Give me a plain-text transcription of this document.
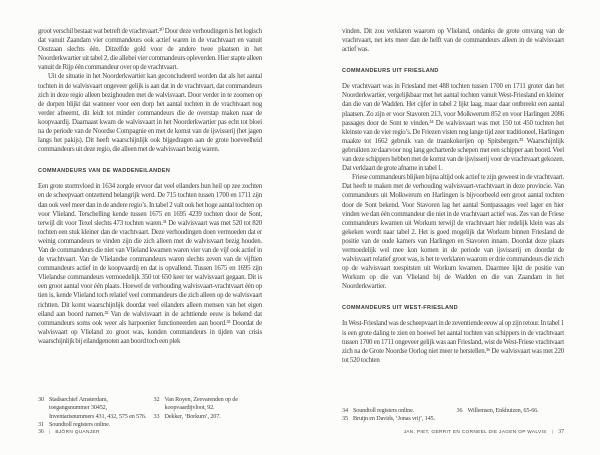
groot verschil bestaat wat betreft de vrachtvaart.³⁰ Door deze verhoudingen is het logisch dat vanuit Zaandam vier commandeurs ook actief waren in de vrachtvaart en vanuit Oostzaan slechts één. Ditzelfde gold voor de andere twee plaatsen in het Noorderkwartier uit tabel 2, die allebei vier commandeurs opleverden. Hier stapte alleen vanuit de Rijp één commandeur over op de vrachtvaart.

Uit de situatie in het Noorderkwartier kan geconcludeerd worden dat als het aantal tochten in de walvisvaart ongeveer gelijk is aan dat in de vrachtvaart, dat commandeurs zich in deze regio alleen bezighouden met de walvisvaart. Door verder in te zoomen op de dorpen blijkt dat wanneer voor een dorp het aantal tochten in de vrachtvaart nog verder afneemt, dit leidt tot minder commandeurs die de overstap maken naar de koopvaardij. Daarnaast kwam de walvisvaart in het Noorderkwartier pas echt tot bloei na de periode van de Noordse Compagnie en met de komst van de ijsvisserij (het jagen langs het pakijs). Dit heeft waarschijnlijk ook bijgedragen aan de grote hoeveelheid commandeurs uit deze regio, die alleen met de walvisvaart bezig waren.

COMMANDEURS VAN DE WADDENEILANDEN

Een grote stormvloed in 1634 zorgde ervoor dat veel eilanders hun heil op zee zochten en de scheepvaart ontzettend belangrijk werd. De 715 tochten tussen 1700 en 1711 zijn dan ook veel meer dan in de andere regio’s. In tabel 2 valt ook het hoge aantal tochten op voor Vlieland. Terschelling kende tussen 1675 en 1695 4239 tochten door de Sont, terwijl dit voor Texel slechts 473 tochten waren.³¹ De walvisvaart was met 520 tot 820 tochten een stuk kleiner dan de vrachtvaart. Deze verhoudingen doen vermoeden dat er weinig commandeurs te vinden zijn die zich alleen met de walvisvaart bezig houden. Van de commandeurs die niet van Vlieland kwamen waren vier van de vijf ook actief in de vrachtvaart. Van de Vlielandse commandeurs waren slechts zeven van de vijftien commandeurs actief in de koopvaardij en dat is opvallend. Tussen 1675 en 1695 zijn Vlielandse commandeurs vermoedelijk 350 tot 650 keer ter walvisvaart gegaan. Dit is een groot aantal voor één plaats. Hoewel de verhouding walvisvaart-vrachtvaart één op tien is, kende Vlieland toch relatief veel commandeurs die zich alleen op de walvisvaart richtten. Dit komt waarschijnlijk doordat veel eilanders alleen mensen van het eigen eiland aan boord namen.³² Van de walvisvaart in de achttiende eeuw is bekend dat commandeurs soms ook weer als harpoenier functioneerden aan boord.³³ Doordat de walvisvaart op Vlieland zo groot was, konden commandeurs in tijden van crisis waarschijnlijk bij eilandgenoten aan boord toch een plek

30 Stadsarchief Amsterdam, toegangsnummer 30452, Inventarisnummers 431, 432, 575 en 576.
31 Soundtoll registers online.
32 Van Royen, Zeevarenden op de koopvaardijvloot, 92.
33 Dekker, ‘Borkum’, 207.
36 | BJÖRN QUANJER

vinden. Dit zou verklaren waarom op Vlieland, ondanks de grote omvang van de vrachtvaart, net iets meer dan de helft van de commandeurs alleen in de walvisvaart actief was.

COMMANDEURS UIT FRIESLAND

De vrachtvaart was in Friesland met 488 tochten tussen 1700 en 1711 groter dan het Noorderkwartier, vergelijkbaar met het aantal tochten vanuit West-Friesland en kleiner dan die van de Wadden. Het cijfer in tabel 2 lijkt laag, maar daar ontbreekt een aantal plaatsen. Zo zijn er voor Stavoren 213, voor Molkwerum 852 en voor Harlingen 2086 passages door de Sont te vinden.³⁴ De walvisvaart was met 150 tot 450 tochten het kleinste van de vier regio’s. De Friezen visten nog lange tijd zeer traditioneel, Harlingen maakte tot 1662 gebruik van de traankokerijen op Spitsbergen.³⁵ Waarschijnlijk gebruikten ze daarvoor nog lang gecharterde schepen met een schipper aan boord. Veel van deze schippers hebben met de komst van de ijsvisserij voor de vrachtvaart gekozen. Dat verklaart de grote afname in tabel 1.

Friese commandeurs blijken bijna altijd ook actief te zijn geweest in de vrachtvaart. Dat heeft te maken met de verhouding walvisvaart-vrachtvaart in deze provincie. Van commandeurs uit Molkwerum en Harlingen is bijvoorbeeld een groot aantal tochten door de Sont bekend. Voor Stavoren lag het aantal Sontpassages veel lager en hier vinden we dan één commandeur die niet in de vrachtvaart actief was. Zes van de Friese commandeurs kwamen uit Workum terwijl de vrachtvaart hier redelijk klein was als gekeken wordt naar tabel 2. Het is goed mogelijk dat Workum binnen Friesland de positie van de oude kamers van Harlingen en Stavoren innam. Doordat deze plaats vermoedelijk wel mee kon komen in de periode van ijsvisserij en doordat de walvisvaart relatief groot was, is het te verklaren waarom er drie commandeurs die zich op de walvisvaart toespitsten uit Workum kwamen. Daarmee lijkt de positie van Workum op die van Vlieland bij de Wadden en die van Zaandam in het Noorderkwartier.

COMMANDEURS UIT WEST-FRIESLAND

In West-Friesland was de scheepvaart in de zeventiende eeuw al op zijn retour. In tabel 1 is een grote daling te zien en hoewel het aantal tochten van schippers in de vrachtvaart tussen 1700 en 1711 ongeveer gelijk was aan Friesland, wist de West-Friese vrachtvaart zich na de Grote Noordse Oorlog niet meer te herstellen.³⁶ De walvisvaart was met 220 tot 520 tochten

34 Soundtoll registers online.
35 Bruijn en Davids, ‘Jonas vrij’, 145.
36 Willemsen, Enkhuizen, 65-66.
JAN, PIET, GERRIT EN CORNEEL DIE JAGEN OP WALVIS | 37
